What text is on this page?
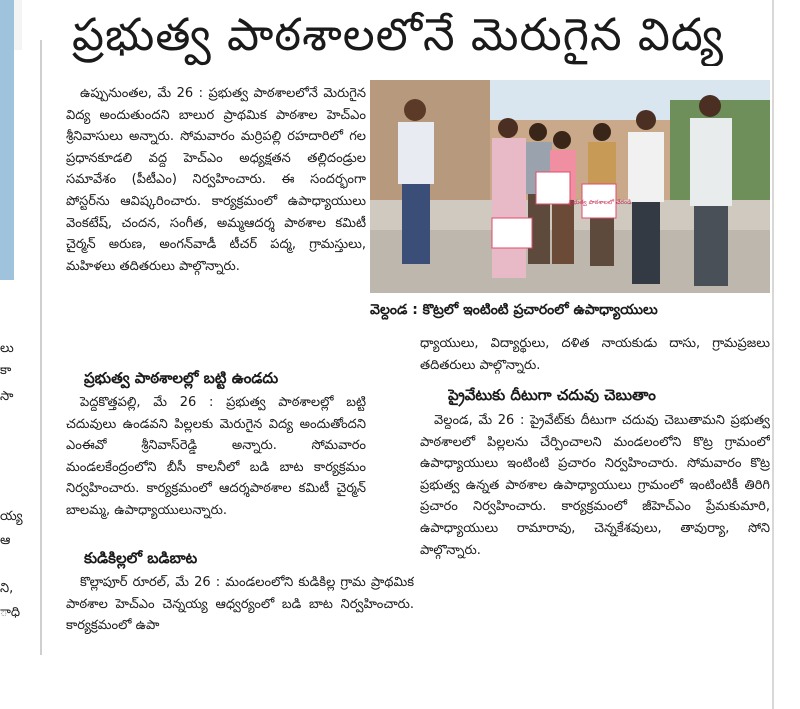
లు
కా
సా
య్య
ఆ
ని,
ాధి
ప్రభుత్వ పాఠశాలలోనే మెరుగైన విద్య
ప్రభుత్వ పాఠశాలలో చేరండి
వెల్దండ : కొట్రలో ఇంటింటి ప్రచారంలో ఉపాధ్యాయులు

ఉప్పునుంతల, మే 26 : ప్రభుత్వ పాఠశాలలోనే మెరుగైన విద్య అందుతుందని బాలుర ప్రాథమిక పాఠశాల హెచ్ఎం శ్రీనివాసులు అన్నారు. సోమవారం మర్రిపల్లి రహదారిలో గల ప్రధానకూడలి వద్ద హెచ్ఎం అధ్యక్షతన తల్లిదండ్రుల సమావేశం (పీటీఎం) నిర్వహించారు. ఈ సందర్భంగా పోస్టర్‌ను ఆవిష్కరించారు. కార్యక్రమంలో ఉపాధ్యాయులు వెంకటేష్, చందన, సంగీత, అమ్మఆదర్శ పాఠశాల కమిటీ చైర్మన్ అరుణ, అంగన్‌వాడీ టీచర్ పద్మ, గ్రామస్తులు, మహిళలు తదితరులు పాల్గొన్నారు.

ప్రభుత్వ పాఠశాలల్లో బట్టి ఉండదు

పెద్దకొత్తపల్లి, మే 26 : ప్రభుత్వ పాఠశాలల్లో బట్టి చదువులు ఉండవని పిల్లలకు మెరుగైన విద్య అందుతోందని ఎంఈవో శ్రీనివాస్‌రెడ్డి అన్నారు. సోమవారం మండలకేంద్రంలోని బీసీ కాలనీలో బడి బాట కార్యక్రమం నిర్వహించారు. కార్యక్రమంలో ఆదర్శపాఠశాల కమిటీ చైర్మన్ బాలమ్మ, ఉపాధ్యాయులున్నారు.

కుడికిల్లలో బడిబాట

కొల్లాపూర్ రూరల్, మే 26 : మండలంలోని కుడికిల్ల గ్రామ ప్రాథమిక పాఠశాల హెచ్ఎం చెన్నయ్య ఆధ్వర్యంలో బడి బాట నిర్వహించారు. కార్యక్రమంలో ఉపా

ధ్యాయులు, విద్యార్థులు, దళిత నాయకుడు దాసు, గ్రామప్రజలు తదితరులు పాల్గొన్నారు.

ప్రైవేటుకు దీటుగా చదువు చెబుతాం

వెల్దండ, మే 26 : ప్రైవేట్‌కు దీటుగా చదువు చెబుతామని ప్రభుత్వ పాఠశాలలో పిల్లలను చేర్పించాలని మండలంలోని కొట్ర గ్రామంలో ఉపాధ్యాయులు ఇంటింటి ప్రచారం నిర్వహించారు. సోమవారం కొట్ర ప్రభుత్వ ఉన్నత పాఠశాల ఉపాధ్యాయులు గ్రామంలో ఇంటింటికీ తిరిగి ప్రచారం నిర్వహించారు. కార్యక్రమంలో జీహెచ్ఎం ప్రేమకుమారి, ఉపాధ్యాయులు రామారావు, చెన్నకేశవులు, తావుర్యా, సోని పాల్గొన్నారు.
